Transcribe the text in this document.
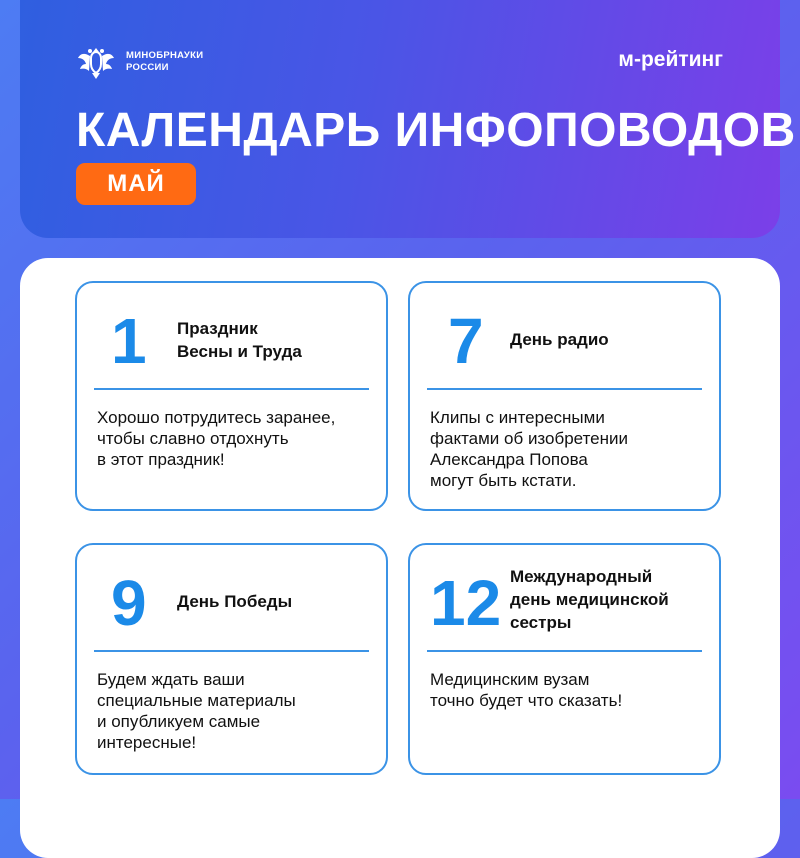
МИНОБРНАУКИ
РОССИИ	м-рейтинг
КАЛЕНДАРЬ ИНФОПОВОДОВ
МАЙ
1 Праздник
Весны и Труда
Хорошо потрудитесь заранее,
чтобы славно отдохнуть
в этот праздник!
7 День радио
Клипы с интересными
фактами об изобретении
Александра Попова
могут быть кстати.
9 День Победы
Будем ждать ваши
специальные материалы
и опубликуем самые
интересные!
12 Международный
день медицинской
сестры
Медицинским вузам
точно будет что сказать!
